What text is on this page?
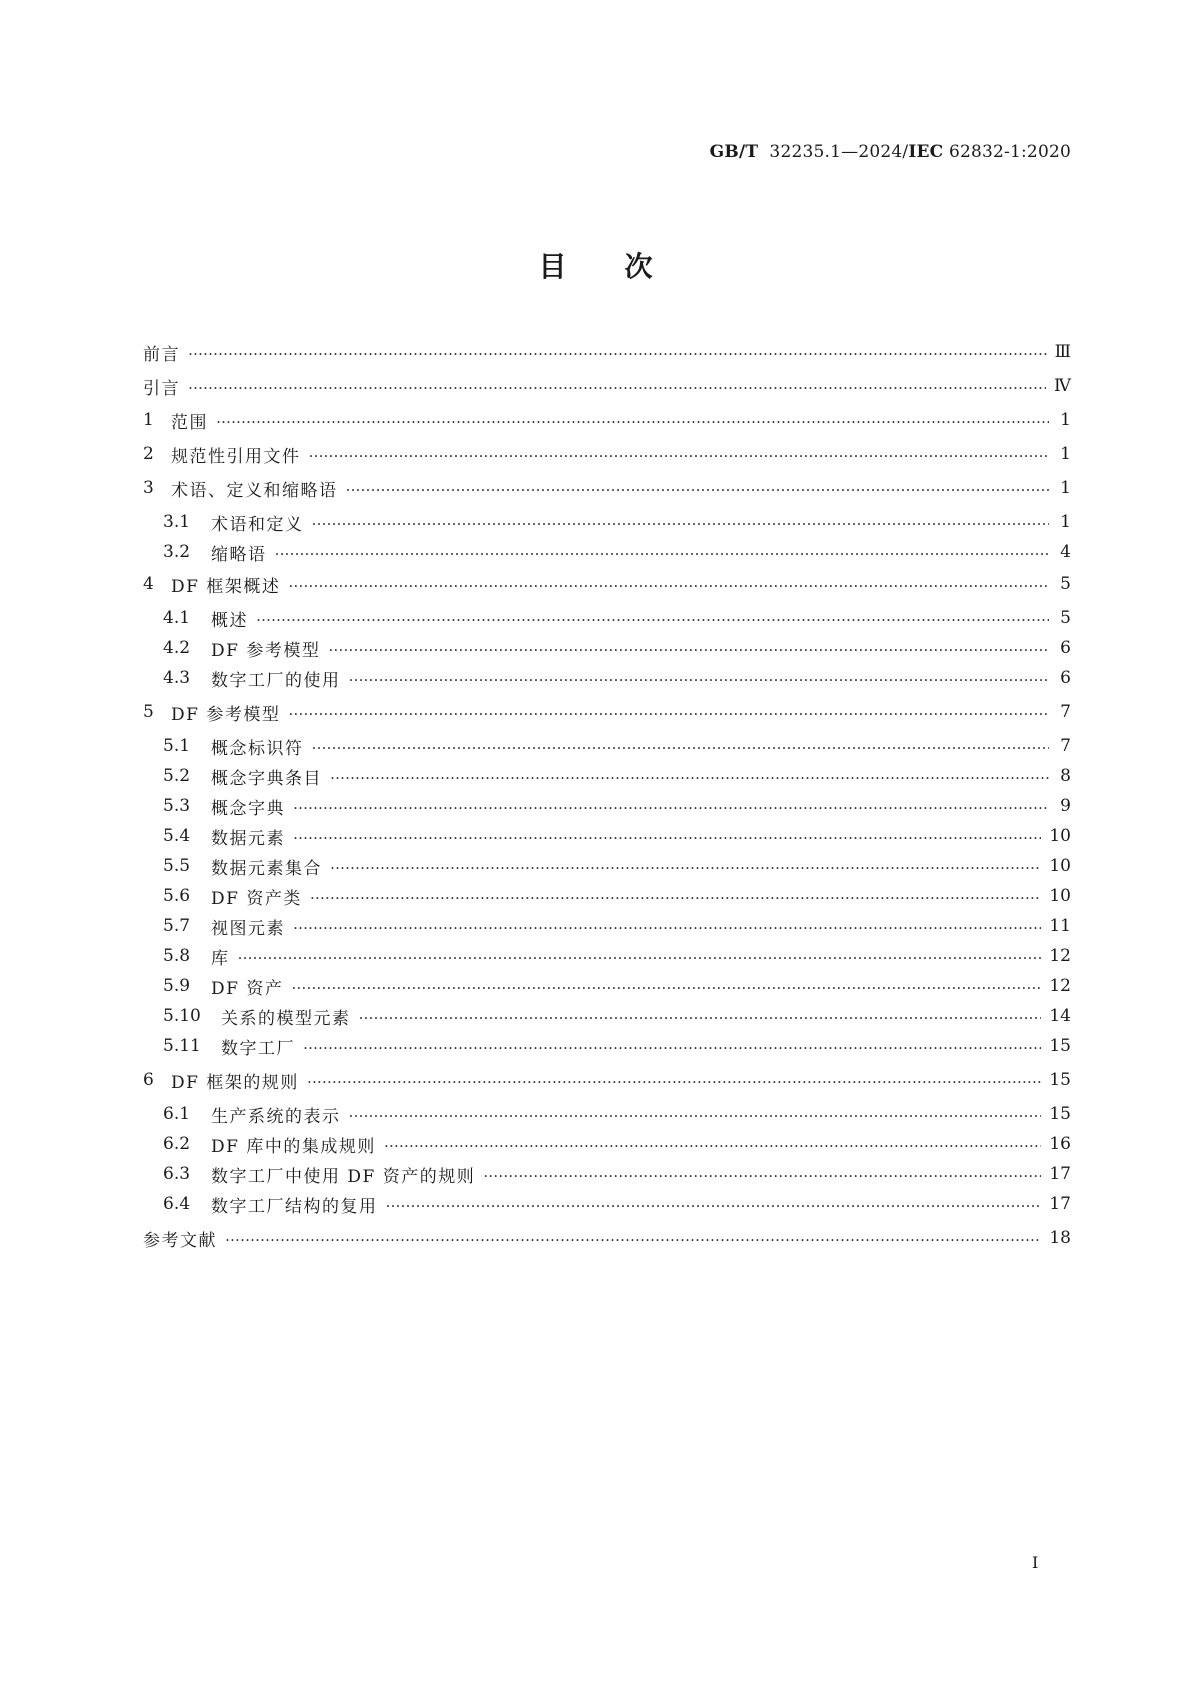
GB/T 32235.1—2024/IEC 62832-1:2020
目次
前言 …………………………………………………………………………………………………………………………………………………………………………………………………………………………………………………	Ⅲ
引言 …………………………………………………………………………………………………………………………………………………………………………………………………………………………………………………	Ⅳ
1	范围 …………………………………………………………………………………………………………………………………………………………………………………………………………………………………………………	1
2	规范性引用文件 …………………………………………………………………………………………………………………………………………………………………………………………………………………………………………………	1
3	术语、定义和缩略语 …………………………………………………………………………………………………………………………………………………………………………………………………………………………………………………	1
3.1	术语和定义 …………………………………………………………………………………………………………………………………………………………………………………………………………………………………………………	1
3.2	缩略语 …………………………………………………………………………………………………………………………………………………………………………………………………………………………………………………	4
4	DF 框架概述 …………………………………………………………………………………………………………………………………………………………………………………………………………………………………………………	5
4.1	概述 …………………………………………………………………………………………………………………………………………………………………………………………………………………………………………………	5
4.2	DF 参考模型 …………………………………………………………………………………………………………………………………………………………………………………………………………………………………………………	6
4.3	数字工厂的使用 …………………………………………………………………………………………………………………………………………………………………………………………………………………………………………………	6
5	DF 参考模型 …………………………………………………………………………………………………………………………………………………………………………………………………………………………………………………	7
5.1	概念标识符 …………………………………………………………………………………………………………………………………………………………………………………………………………………………………………………	7
5.2	概念字典条目 …………………………………………………………………………………………………………………………………………………………………………………………………………………………………………………	8
5.3	概念字典 …………………………………………………………………………………………………………………………………………………………………………………………………………………………………………………	9
5.4	数据元素 …………………………………………………………………………………………………………………………………………………………………………………………………………………………………………………	10
5.5	数据元素集合 …………………………………………………………………………………………………………………………………………………………………………………………………………………………………………………	10
5.6	DF 资产类 …………………………………………………………………………………………………………………………………………………………………………………………………………………………………………………	10
5.7	视图元素 …………………………………………………………………………………………………………………………………………………………………………………………………………………………………………………	11
5.8	库 …………………………………………………………………………………………………………………………………………………………………………………………………………………………………………………	12
5.9	DF 资产 …………………………………………………………………………………………………………………………………………………………………………………………………………………………………………………	12
5.10	关系的模型元素 …………………………………………………………………………………………………………………………………………………………………………………………………………………………………………………	14
5.11	数字工厂 …………………………………………………………………………………………………………………………………………………………………………………………………………………………………………………	15
6	DF 框架的规则 …………………………………………………………………………………………………………………………………………………………………………………………………………………………………………………	15
6.1	生产系统的表示 …………………………………………………………………………………………………………………………………………………………………………………………………………………………………………………	15
6.2	DF 库中的集成规则 …………………………………………………………………………………………………………………………………………………………………………………………………………………………………………………	16
6.3	数字工厂中使用 DF 资产的规则 …………………………………………………………………………………………………………………………………………………………………………………………………………………………………………………	17
6.4	数字工厂结构的复用 …………………………………………………………………………………………………………………………………………………………………………………………………………………………………………………	17
参考文献 …………………………………………………………………………………………………………………………………………………………………………………………………………………………………………………	18
Ⅰ
